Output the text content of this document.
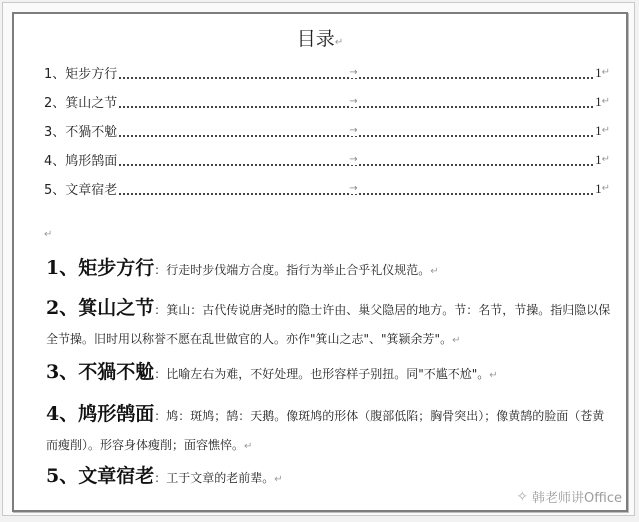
目录↵
1、矩步方行	→	1 ↵
2、箕山之节	→	1 ↵
3、不猧不魀	→	1 ↵
4、鸠形鹄面	→	1 ↵
5、文章宿老	→	1 ↵
↵
1、矩步方行：行走时步伐端方合度。指行为举止合乎礼仪规范。↵
2、箕山之节：箕山：古代传说唐尧时的隐士许由、巢父隐居的地方。节：名节，节操。指归隐以保全节操。旧时用以称誉不愿在乱世做官的人。亦作"箕山之志"、"箕颍余芳"。↵
3、不猧不魀：比喻左右为难，不好处理。也形容样子别扭。同"不尴不尬"。↵
4、鸠形鹄面：鸠：斑鸠；鹄：天鹅。像斑鸠的形体（腹部低陷；胸骨突出）；像黄鹄的脸面（苍黄而瘦削）。形容身体瘦削；面容憔悴。↵
5、文章宿老：工于文章的老前辈。↵
✧ 韩老师讲Office
